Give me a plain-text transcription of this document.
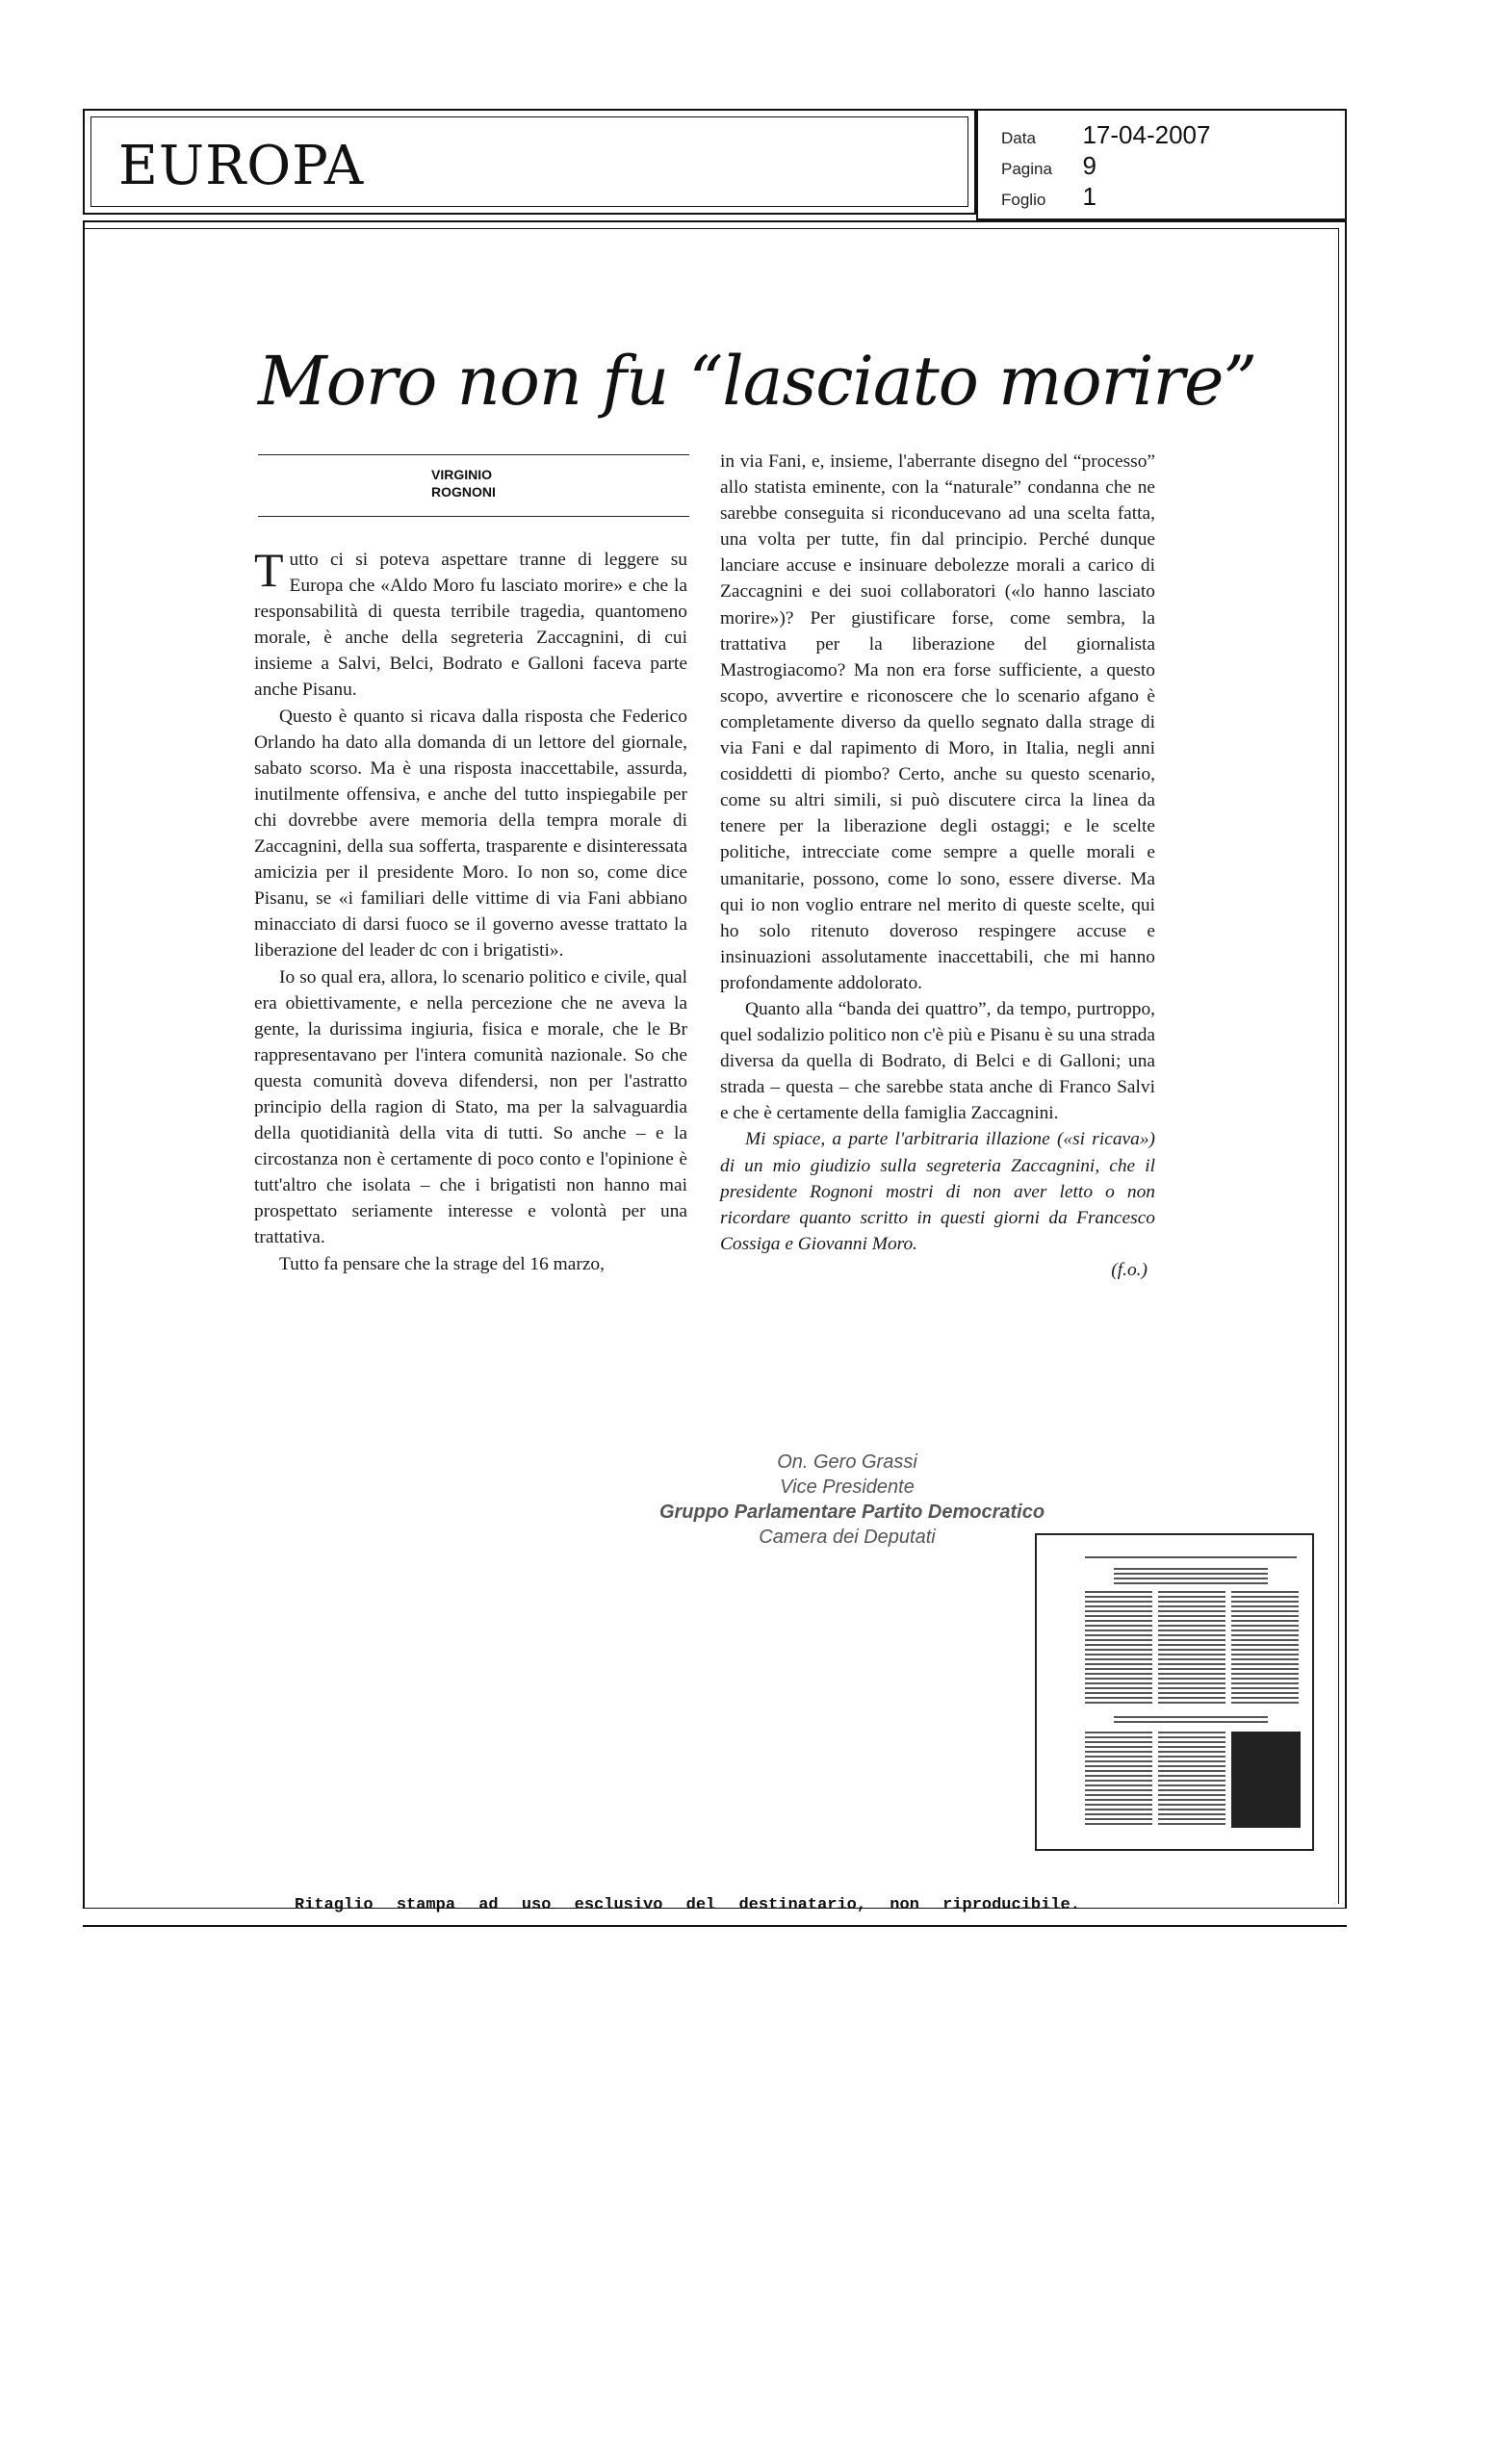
EUROPA	Data 17-04-2007
Pagina 9
Foglio 1
Moro non fu “lasciato morire”
VIRGINIO
ROGNONI

Tutto ci si poteva aspettare tranne di leggere su Europa che «Aldo Moro fu lasciato morire» e che la responsabilità di questa terribile tragedia, quantomeno morale, è anche della segreteria Zaccagnini, di cui insieme a Salvi, Belci, Bodrato e Galloni faceva parte anche Pisanu.

Questo è quanto si ricava dalla risposta che Federico Orlando ha dato alla domanda di un lettore del giornale, sabato scorso. Ma è una risposta inaccettabile, assurda, inutilmente offensiva, e anche del tutto inspiegabile per chi dovrebbe avere memoria della tempra morale di Zaccagnini, della sua sofferta, trasparente e disinteressata amicizia per il presidente Moro. Io non so, come dice Pisanu, se «i familiari delle vittime di via Fani abbiano minacciato di darsi fuoco se il governo avesse trattato la liberazione del leader dc con i brigatisti».

Io so qual era, allora, lo scenario politico e civile, qual era obiettivamente, e nella percezione che ne aveva la gente, la durissima ingiuria, fisica e morale, che le Br rappresentavano per l'intera comunità nazionale. So che questa comunità doveva difendersi, non per l'astratto principio della ragion di Stato, ma per la salvaguardia della quotidianità della vita di tutti. So anche – e la circostanza non è certamente di poco conto e l'opinione è tutt'altro che isolata – che i brigatisti non hanno mai prospettato seriamente interesse e volontà per una trattativa.

Tutto fa pensare che la strage del 16 marzo,

in via Fani, e, insieme, l'aberrante disegno del “processo” allo statista eminente, con la “naturale” condanna che ne sarebbe conseguita si riconducevano ad una scelta fatta, una volta per tutte, fin dal principio. Perché dunque lanciare accuse e insinuare debolezze morali a carico di Zaccagnini e dei suoi collaboratori («lo hanno lasciato morire»)? Per giustificare forse, come sembra, la trattativa per la liberazione del giornalista Mastrogiacomo? Ma non era forse sufficiente, a questo scopo, avvertire e riconoscere che lo scenario afgano è completamente diverso da quello segnato dalla strage di via Fani e dal rapimento di Moro, in Italia, negli anni cosiddetti di piombo? Certo, anche su questo scenario, come su altri simili, si può discutere circa la linea da tenere per la liberazione degli ostaggi; e le scelte politiche, intrecciate come sempre a quelle morali e umanitarie, possono, come lo sono, essere diverse. Ma qui io non voglio entrare nel merito di queste scelte, qui ho solo ritenuto doveroso respingere accuse e insinuazioni assolutamente inaccettabili, che mi hanno profondamente addolorato.

Quanto alla “banda dei quattro”, da tempo, purtroppo, quel sodalizio politico non c'è più e Pisanu è su una strada diversa da quella di Bodrato, di Belci e di Galloni; una strada – questa – che sarebbe stata anche di Franco Salvi e che è certamente della famiglia Zaccagnini.

Mi spiace, a parte l'arbitraria illazione («si ricava») di un mio giudizio sulla segreteria Zaccagnini, che il presidente Rognoni mostri di non aver letto o non ricordare quanto scritto in questi giorni da Francesco Cossiga e Giovanni Moro.

(f.o.)
On. Gero Grassi
Vice Presidente
Gruppo Parlamentare Partito Democratico
Camera dei Deputati
Ritaglio stampa ad uso esclusivo del destinatario, non riproducibile.
